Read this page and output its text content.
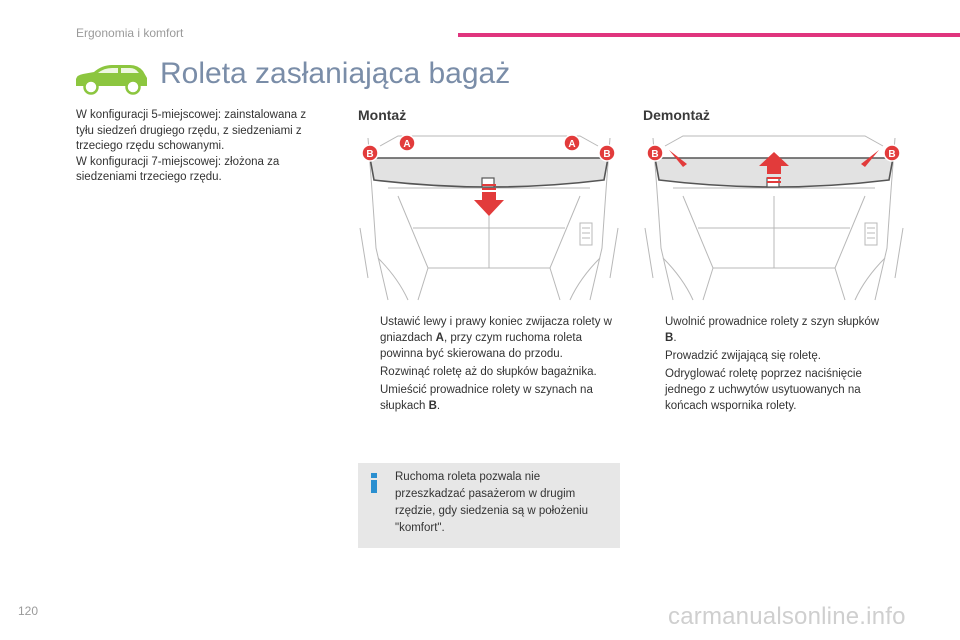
Ergonomia i komfort
Roleta zasłaniająca bagaż

W konfiguracji 5-miejscowej: zainstalowana z tyłu siedzeń drugiego rzędu, z siedzeniami z trzeciego rzędu schowanymi.

W konfiguracji 7-miejscowej: złożona za siedzeniami trzeciego rzędu.

Montaż	Demontaż
B
A	A
B	B	B
Ustawić lewy i prawy koniec zwijacza rolety w gniazdach A, przy czym ruchoma roleta powinna być skierowana do przodu.
Rozwinąć roletę aż do słupków bagażnika.
Umieścić prowadnice rolety w szynach na słupkach B.
Uwolnić prowadnice rolety z szyn słupków B.
Prowadzić zwijającą się roletę.
Odryglować roletę poprzez naciśnięcie jednego z uchwytów usytuowanych na końcach wspornika rolety.
Ruchoma roleta pozwala nie przeszkadzać pasażerom w drugim rzędzie, gdy siedzenia są w położeniu "komfort".
120	carmanualsonline.info
